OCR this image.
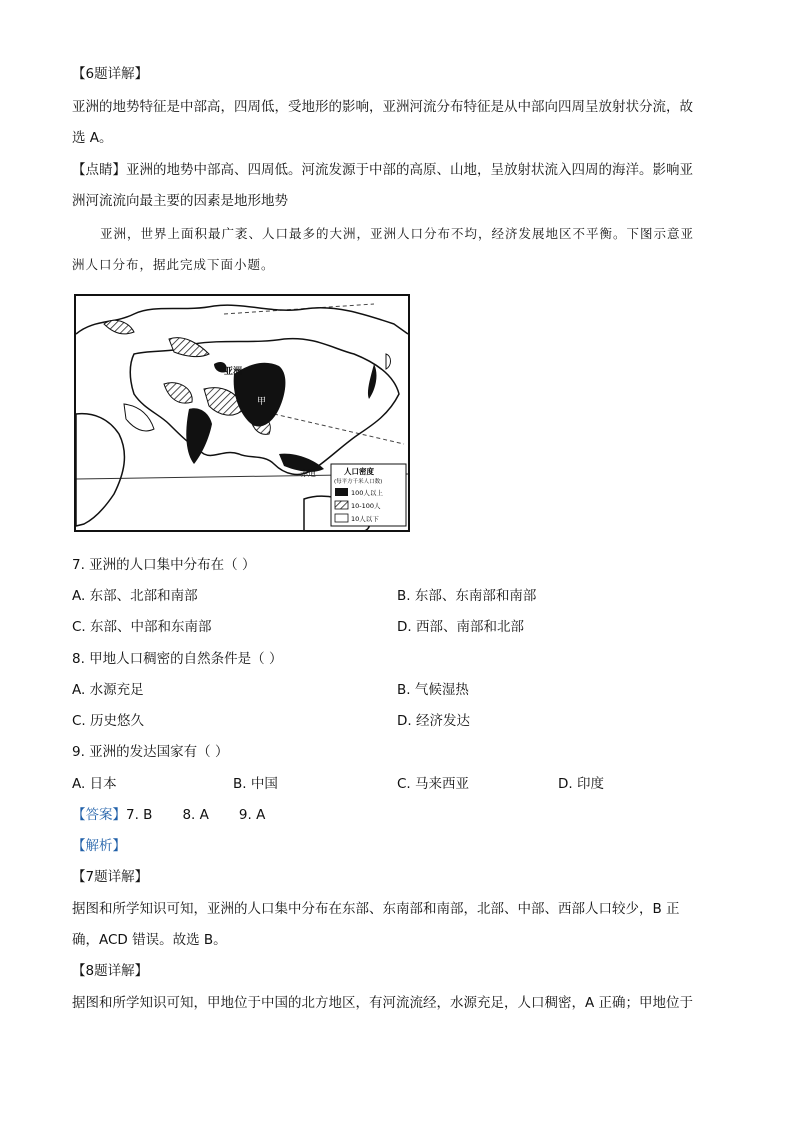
【6题详解】
亚洲的地势特征是中部高，四周低，受地形的影响，亚洲河流分布特征是从中部向四周呈放射状分流，故
选 A。
【点睛】亚洲的地势中部高、四周低。河流发源于中部的高原、山地，呈放射状流入四周的海洋。影响亚
洲河流流向最主要的因素是地形地势
亚洲，世界上面积最广袤、人口最多的大洲，亚洲人口分布不均，经济发展地区不平衡。下图示意亚
洲人口分布，据此完成下面小题。
亚洲
甲
赤道	人口密度
(每平方千米人口数)
100人以上
10-100人
10人以下
7. 亚洲的人口集中分布在（ ）
A. 东部、北部和南部	B. 东部、东南部和南部
C. 东部、中部和东南部	D. 西部、南部和北部
8. 甲地人口稠密的自然条件是（ ）
A. 水源充足	B. 气候湿热
C. 历史悠久	D. 经济发达
9. 亚洲的发达国家有（ ）
A. 日本	B. 中国	C. 马来西亚	D. 印度
【答案】7. B       8. A       9. A
【解析】
【7题详解】
据图和所学知识可知，亚洲的人口集中分布在东部、东南部和南部，北部、中部、西部人口较少，B 正
确，ACD 错误。故选 B。
【8题详解】
据图和所学知识可知，甲地位于中国的北方地区，有河流流经，水源充足，人口稠密，A 正确；甲地位于
